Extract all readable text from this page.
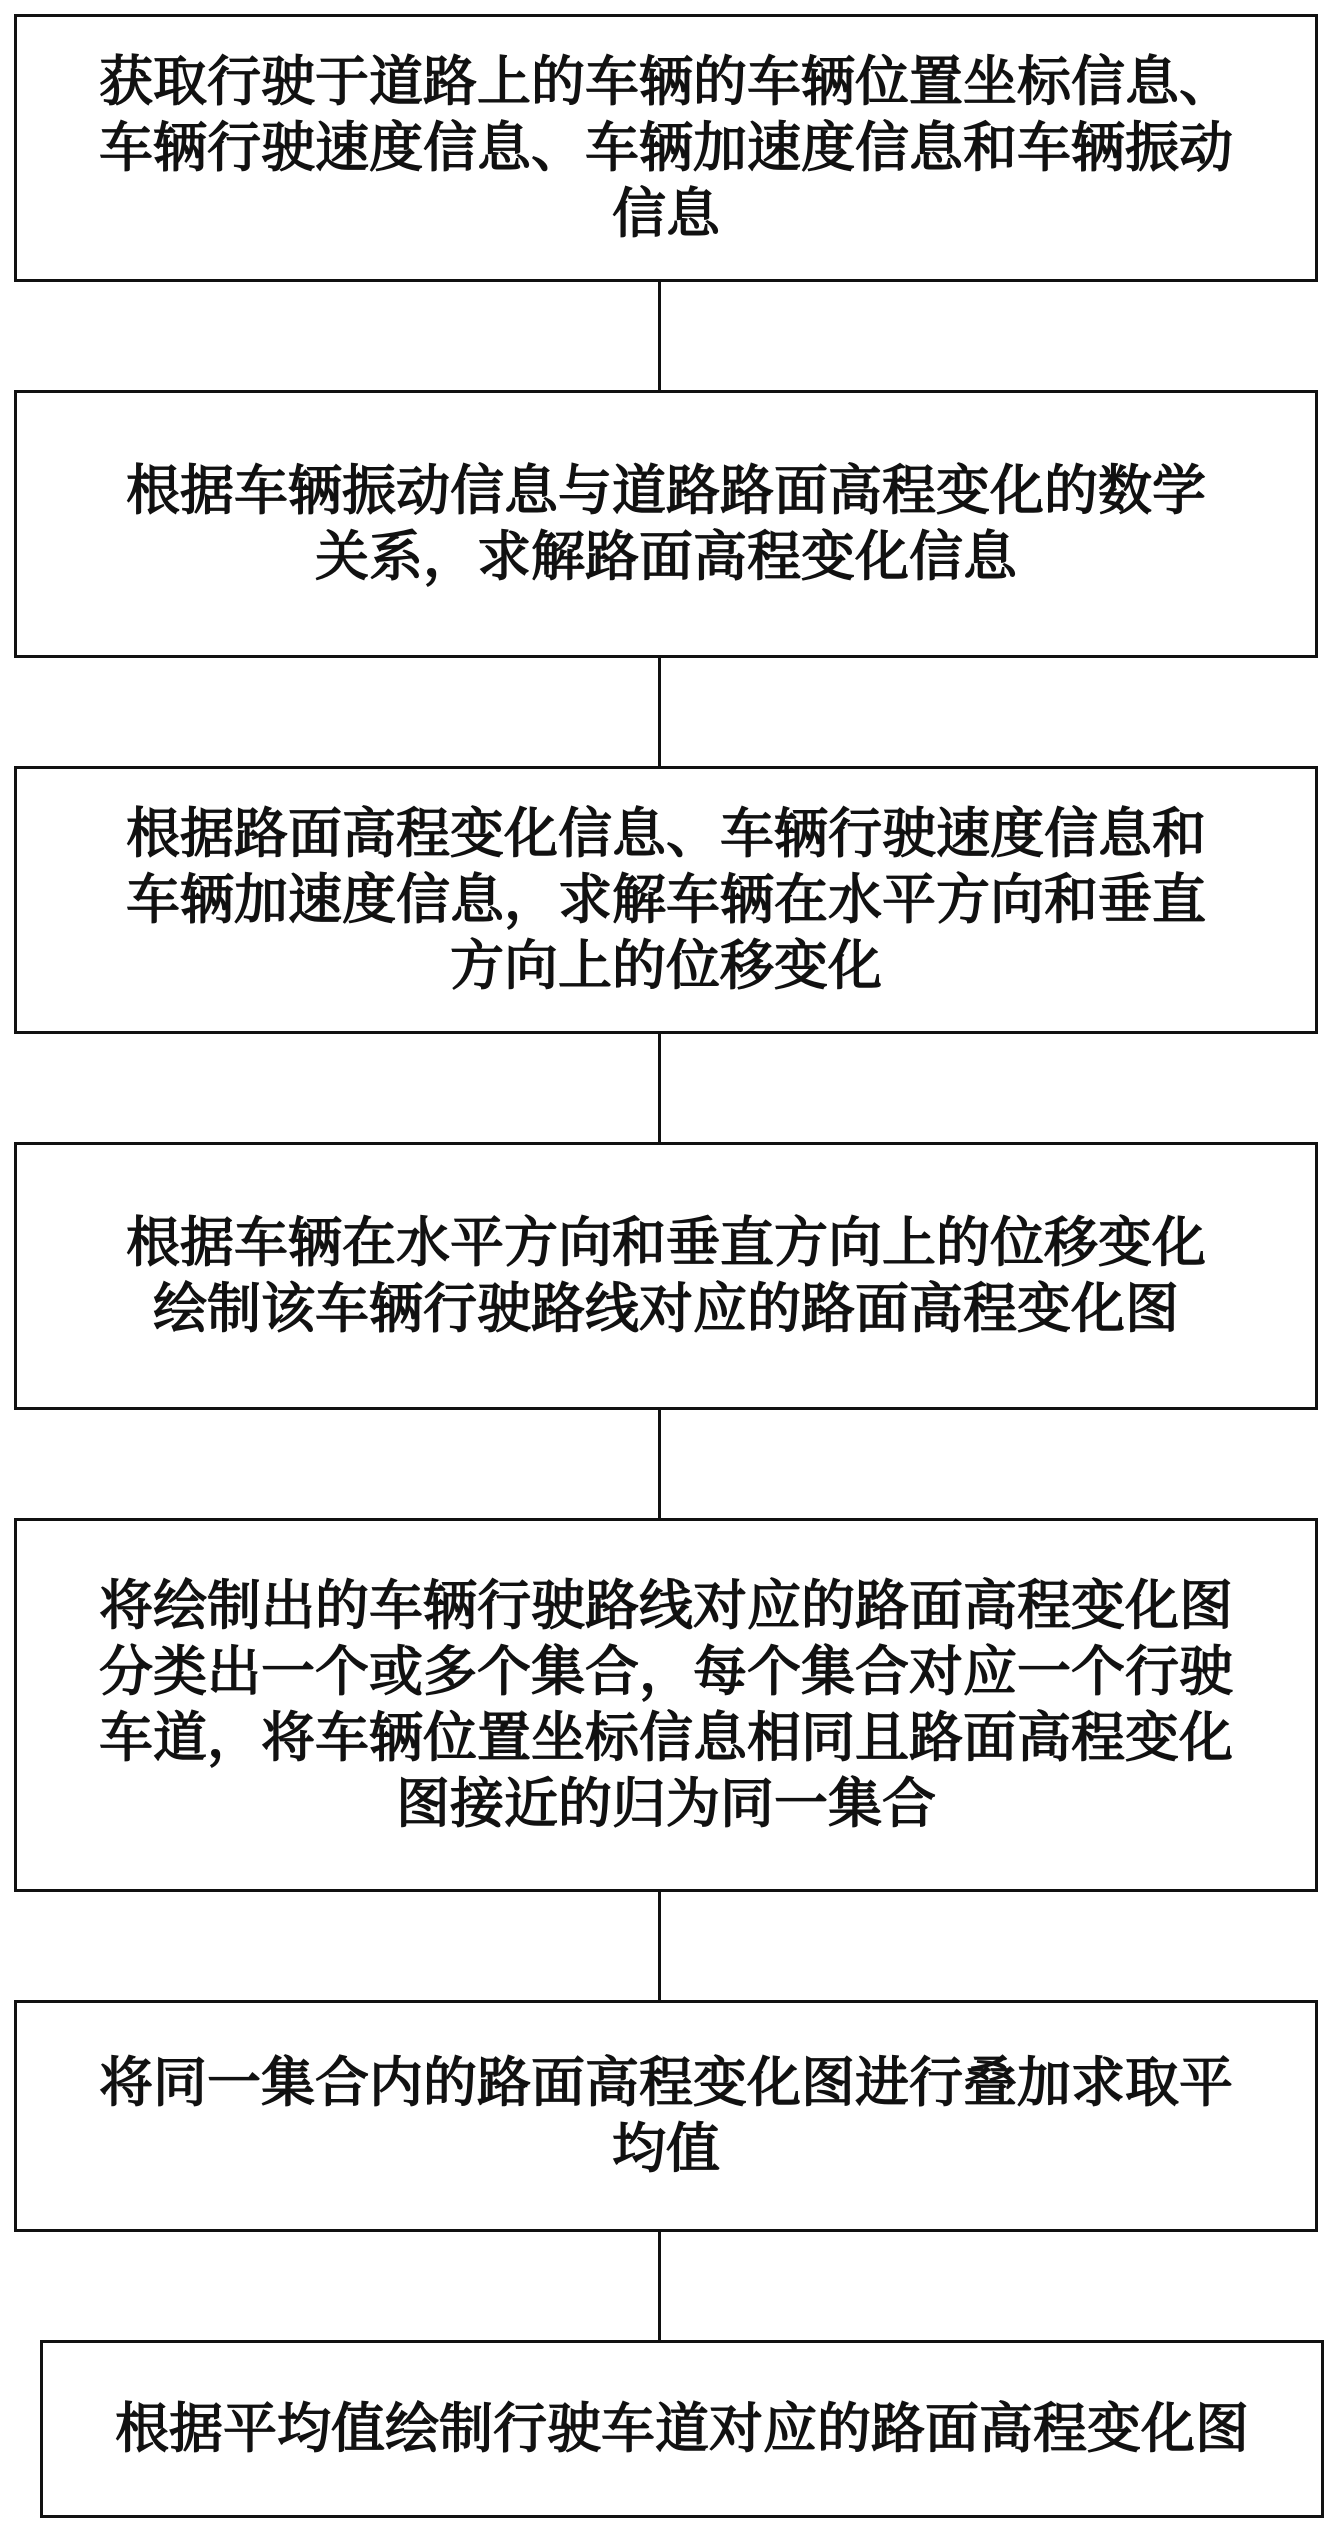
获取行驶于道路上的车辆的车辆位置坐标信息、
车辆行驶速度信息、车辆加速度信息和车辆振动
信息
根据车辆振动信息与道路路面高程变化的数学
关系，求解路面高程变化信息
根据路面高程变化信息、车辆行驶速度信息和
车辆加速度信息，求解车辆在水平方向和垂直
方向上的位移变化
根据车辆在水平方向和垂直方向上的位移变化
绘制该车辆行驶路线对应的路面高程变化图
将绘制出的车辆行驶路线对应的路面高程变化图
分类出一个或多个集合，每个集合对应一个行驶
车道，将车辆位置坐标信息相同且路面高程变化
图接近的归为同一集合
将同一集合内的路面高程变化图进行叠加求取平
均值
根据平均值绘制行驶车道对应的路面高程变化图
